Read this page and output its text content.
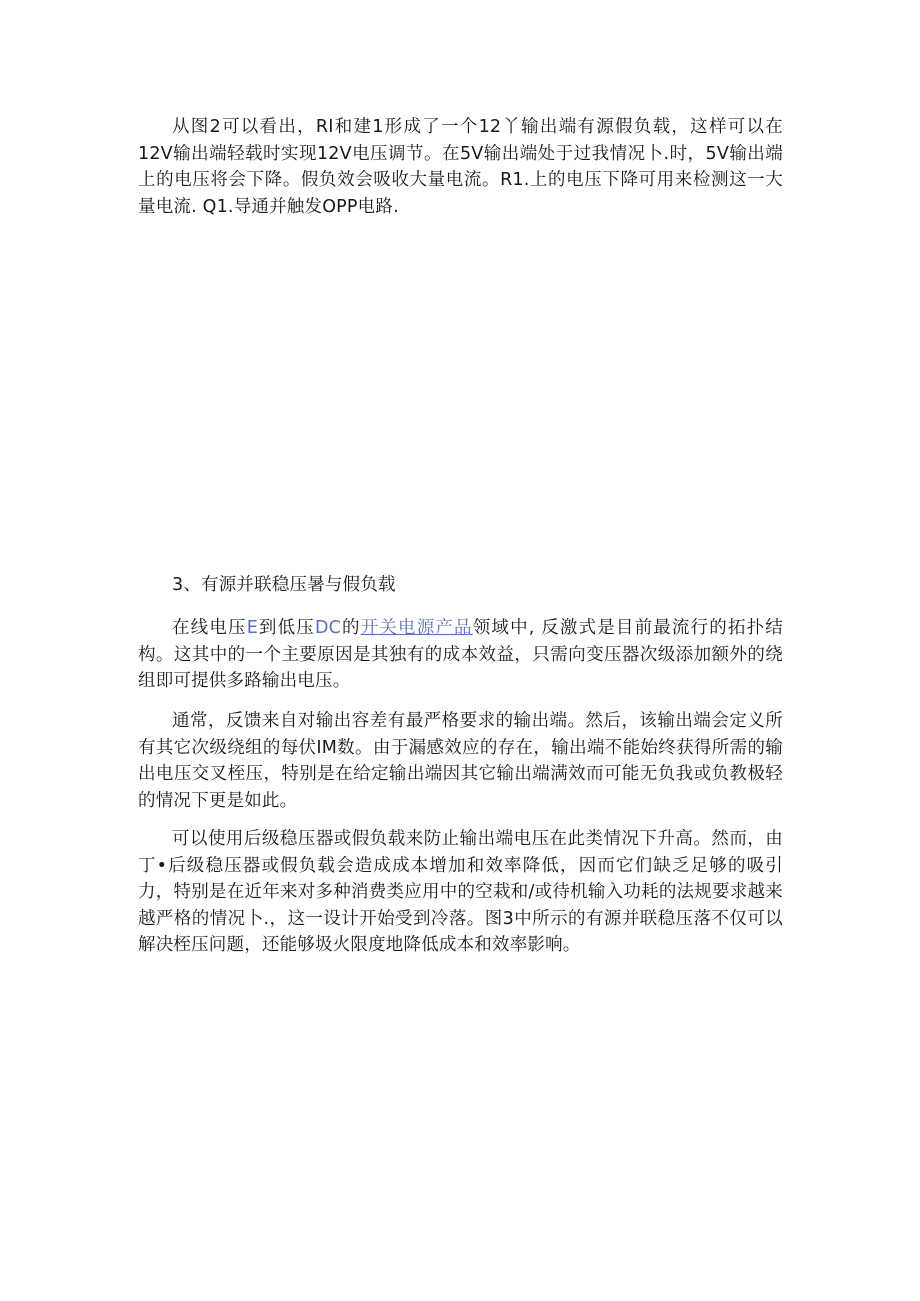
从图2可以看出，RI和建1形成了一个12丫输出端有源假负载，这样可以在12V输出端轻载时实现12V电压调节。在5V输出端处于过我情况卜.时，5V输出端上的电压将会下降。假负效会吸收大量电流。R1.上的电压下降可用来检测这一大量电流. Q1.导通并触发OPP电路.

3、有源并联稳压暑与假负载

在线电压E到低压DC的开关电源产品领域中, 反激式是目前最流行的拓扑结构。这其中的一个主要原因是其独有的成本效益，只需向变压器次级添加额外的绕组即可提供多路输出电压。

通常，反馈来自对输出容差有最严格要求的输出端。然后，该输出端会定义所有其它次级绕组的每伏IM数。由于漏感效应的存在，输出端不能始终获得所需的输出电压交叉桎压，特别是在给定输出端因其它输出端满效而可能无负我或负教极轻的情况下更是如此。

可以使用后级稳压器或假负载来防止输出端电压在此类情况下升高。然而，由丁•后级稳压器或假负载会造成成本增加和效率降低，因而它们缺乏足够的吸引力，特别是在近年来对多种消费类应用中的空栽和/或待机输入功耗的法规要求越来越严格的情况卜.，这一设计开始受到冷落。图3中所示的有源并联稳压落不仅可以解决桎压问题，还能够圾火限度地降低成本和效率影响。
